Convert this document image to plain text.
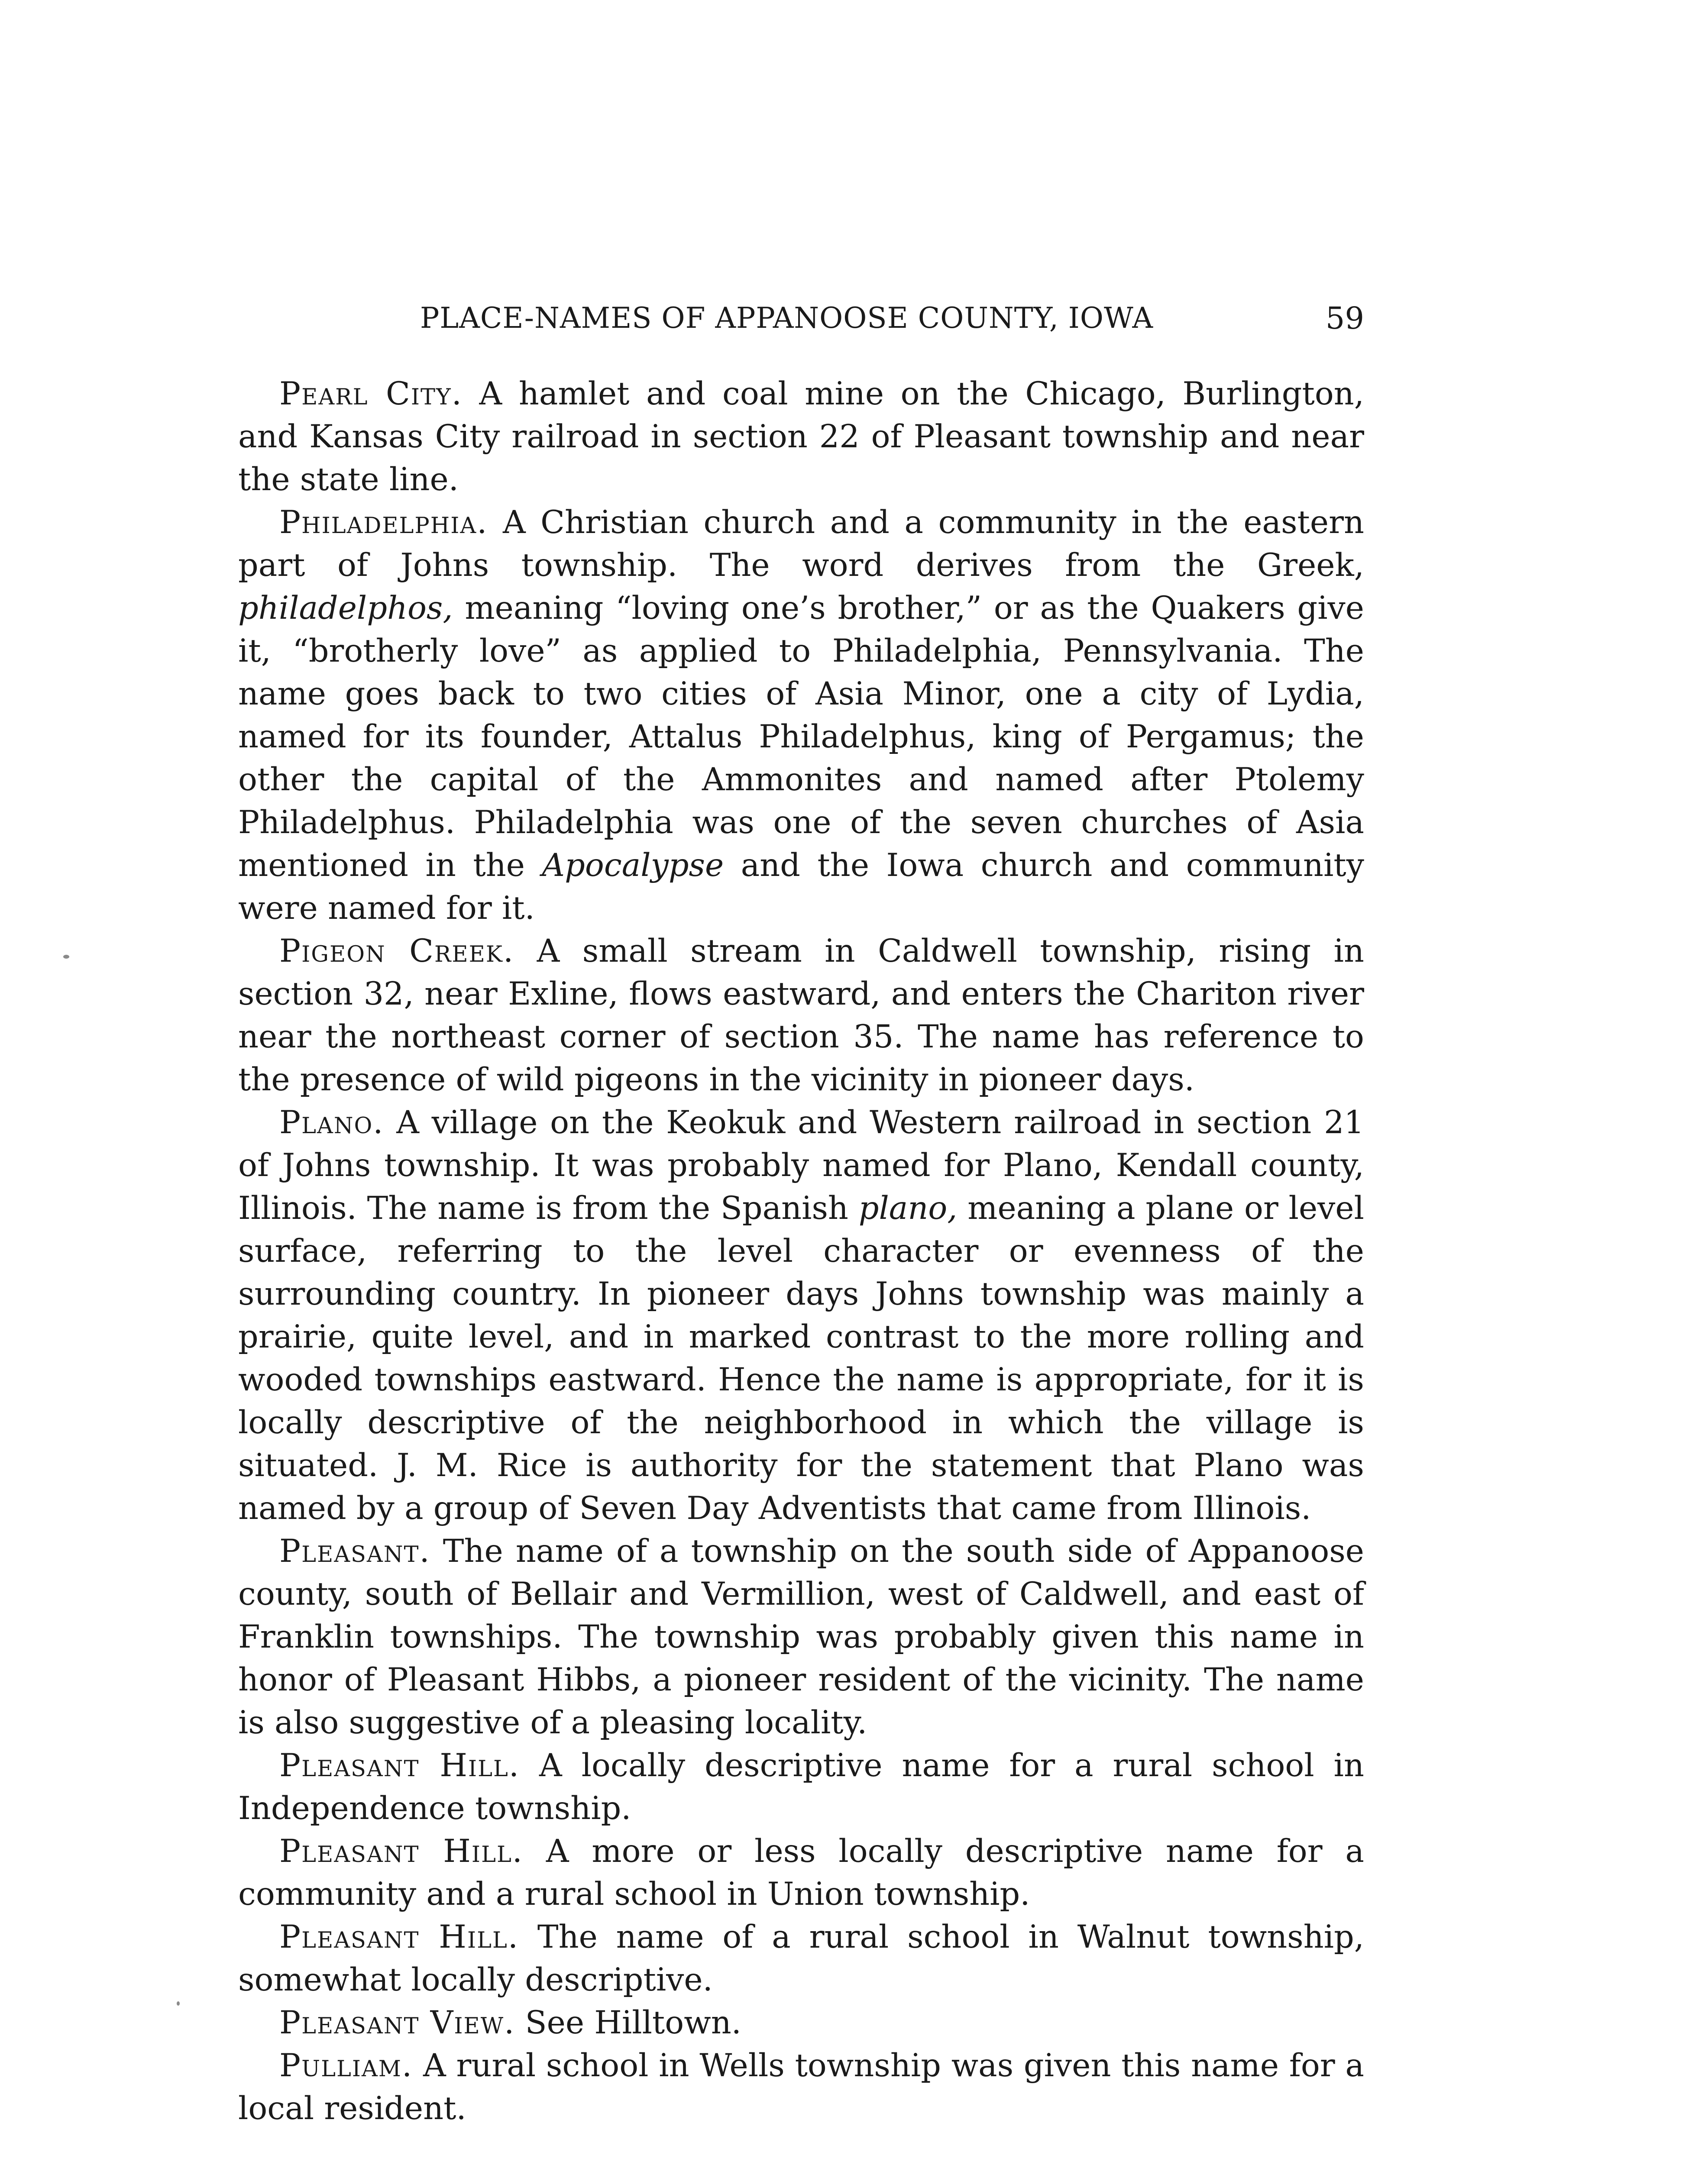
PLACE-NAMES OF APPANOOSE COUNTY, IOWA	59

Pearl City. A hamlet and coal mine on the Chicago, Burlington, and Kansas City railroad in section 22 of Pleasant township and near the state line.

Philadelphia. A Christian church and a community in the eastern part of Johns township. The word derives from the Greek, philadelphos, meaning “loving one’s brother,” or as the Quakers give it, “brotherly love” as applied to Philadelphia, Pennsylvania. The name goes back to two cities of Asia Minor, one a city of Lydia, named for its founder, Attalus Philadelphus, king of Pergamus; the other the capital of the Ammonites and named after Ptolemy Philadelphus. Philadelphia was one of the seven churches of Asia mentioned in the Apocalypse and the Iowa church and community were named for it.

Pigeon Creek. A small stream in Caldwell township, rising in section 32, near Exline, flows eastward, and enters the Chariton river near the northeast corner of section 35. The name has reference to the presence of wild pigeons in the vicinity in pioneer days.

Plano. A village on the Keokuk and Western railroad in section 21 of Johns township. It was probably named for Plano, Kendall county, Illinois. The name is from the Spanish plano, meaning a plane or level surface, referring to the level character or evenness of the surrounding country. In pioneer days Johns township was mainly a prairie, quite level, and in marked contrast to the more rolling and wooded townships eastward. Hence the name is appropriate, for it is locally descriptive of the neighborhood in which the village is situated. J. M. Rice is authority for the statement that Plano was named by a group of Seven Day Adventists that came from Illinois.

Pleasant. The name of a township on the south side of Appanoose county, south of Bellair and Vermillion, west of Caldwell, and east of Franklin townships. The township was probably given this name in honor of Pleasant Hibbs, a pioneer resident of the vicinity. The name is also suggestive of a pleasing locality.

Pleasant Hill. A locally descriptive name for a rural school in Independence township.

Pleasant Hill. A more or less locally descriptive name for a community and a rural school in Union township.

Pleasant Hill. The name of a rural school in Walnut township, somewhat locally descriptive.

Pleasant View. See Hilltown.

Pulliam. A rural school in Wells township was given this name for a local resident.
